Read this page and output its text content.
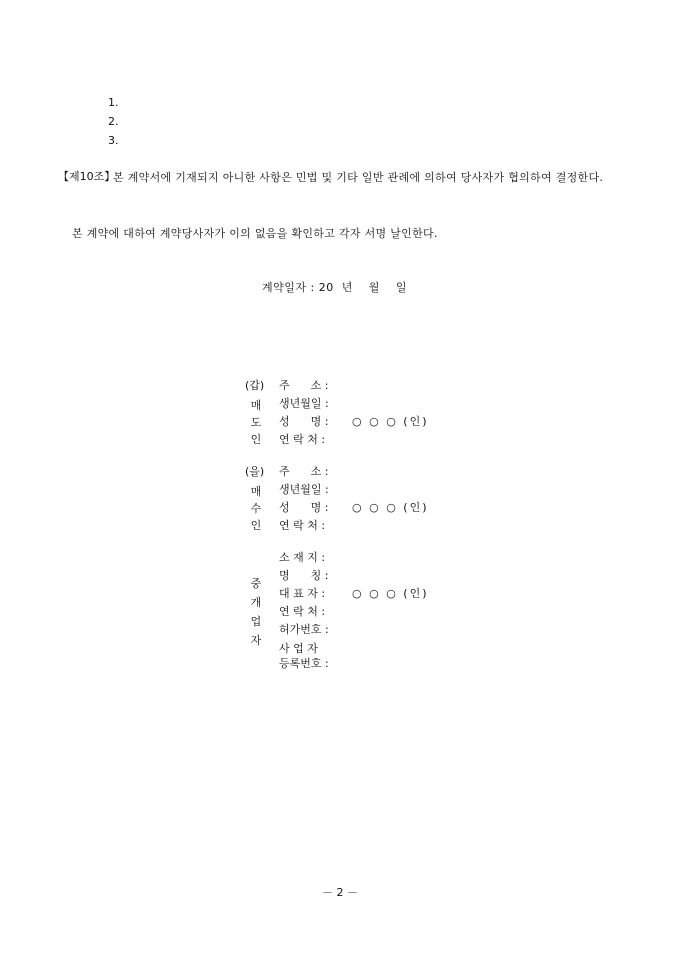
1.
2.
3.
【제10조】
본 계약서에 기재되지 아니한 사항은 민법 및 기타 일반 관례에 의하여 당사자가 협의하여 결정한다.
본 계약에 대하여 계약당사자가 이의 없음을 확인하고 각자 서명 날인한다.
계약일자 : 20  년    월    일
(갑)
매
도
인
주      소 :
생년월일 :
성      명 :
연 락 처 :
○ ○ ○ (인)
(을)
매
수
인
주      소 :
생년월일 :
성      명 :
연 락 처 :
○ ○ ○ (인)
중
개
업
자
소 재 지 :
명      칭 :
대 표 자 :
연 락 처 :
허가번호 :
사 업 자
등록번호 :
○ ○ ○ (인)
－ 2 －
